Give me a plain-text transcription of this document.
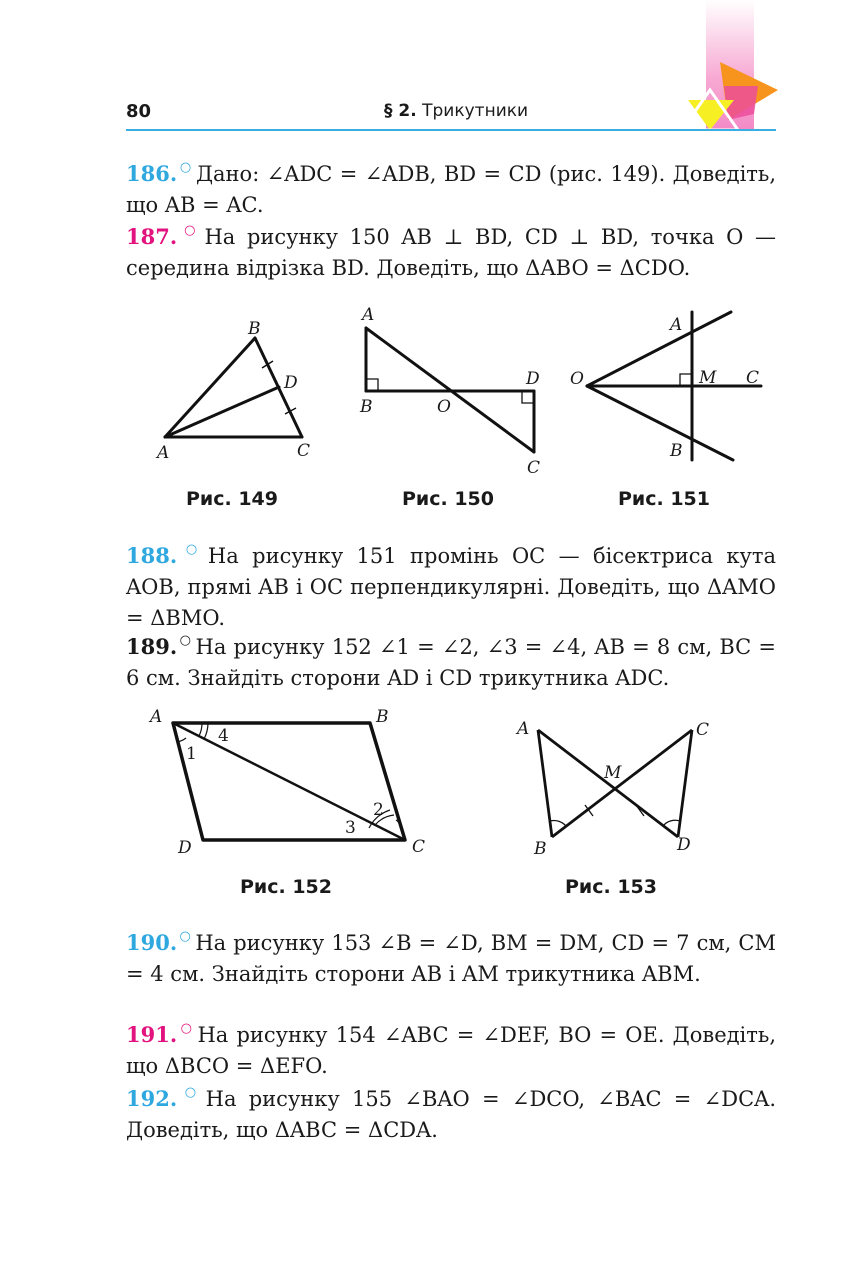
80	§ 2. Трикутники
186. ○ Дано: ∠ADC = ∠ADB, BD = CD (рис. 149). Доведіть, що AB = AC.
187. ○ На рисунку 150 AB ⊥ BD, CD ⊥ BD, точка O — середина відрізка BD. Доведіть, що ΔABO = ΔCDO.
B
D
A	C
Рис. 149
A
B	O
D
C
Рис. 150
A
B
O	M C
Рис. 151
188. ○ На рисунку 151 промінь OC — бісектриса кута AOB, прямі AB і OC перпендикулярні. Доведіть, що ΔAMO = ΔBMO.
189. ○ На рисунку 152 ∠1 = ∠2, ∠3 = ∠4, AB = 8 см, BC = 6 см. Знайдіть сторони AD і CD трикутника ADC.
A	B
C
D
1
4
2
3
Рис. 152
A	C
M
B	D
Рис. 153
190. ○ На рисунку 153 ∠B = ∠D, BM = DM, CD = 7 см, CM = 4 см. Знайдіть сторони AB і AM трикутника ABM.
191. ○ На рисунку 154 ∠ABC = ∠DEF, BO = OE. Доведіть, що ΔBCO = ΔEFO.
192. ○ На рисунку 155 ∠BAO = ∠DCO, ∠BAC = ∠DCA. Доведіть, що ΔABC = ΔCDA.
